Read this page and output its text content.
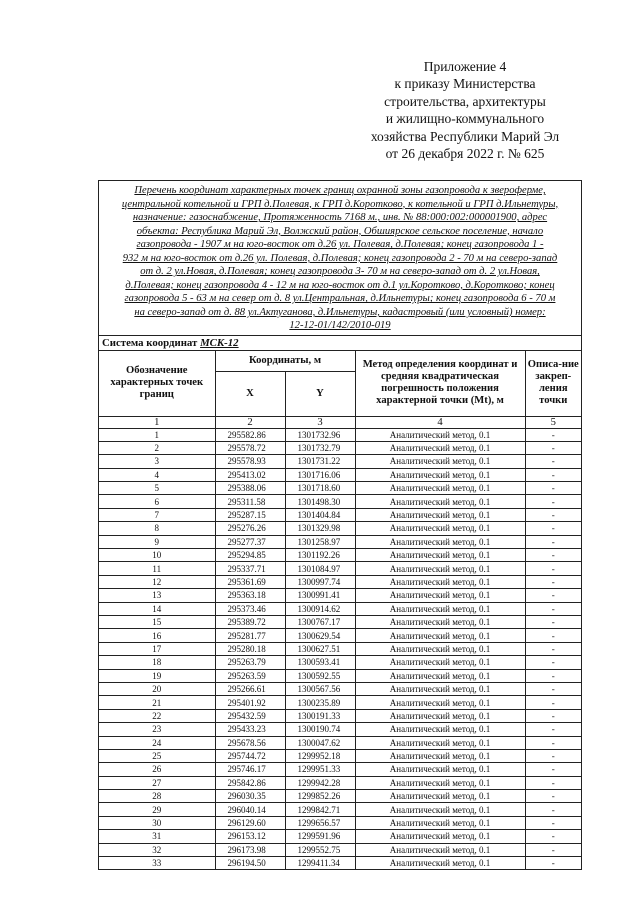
Приложение 4
к приказу Министерства
строительства, архитектуры
и жилищно-коммунального
хозяйства Республики Марий Эл
от 26 декабря 2022 г. № 625
Перечень координат характерных точек границ охранной зоны газопровода к звероферме,
центральной котельной и ГРП д.Полевая, к ГРП д.Коротково, к котельной и ГРП д.Ильнетуры,
назначение: газоснабжение, Протяженность 7168 м., инв. № 88:000:002:000001900, адрес
объекта: Республика Марий Эл, Волжский район, Обшиярское сельское поселение, начало
газопровода - 1907 м на юго-восток от д.26 ул. Полевая, д.Полевая; конец газопровода 1 -
932 м на юго-восток от д.26 ул. Полевая, д.Полевая; конец газопровода 2 - 70 м на северо-запад
от д. 2 ул.Новая, д.Полевая; конец газопровода 3- 70 м на северо-запад от д. 2 ул.Новая,
д.Полевая; конец газопровода 4 - 12 м на юго-восток от д.1 ул.Коротково, д.Коротково; конец
газопровода 5 - 63 м на север от д. 8 ул.Центральная, д.Ильнетуры; конец газопровода 6 - 70 м
на северо-запад от д. 88 ул.Актуганова, д.Ильнетуры, кадастровый (или условный) номер:
12-12-01/142/2010-019
Система координат МСК-12
Обозначение характерных точек границ	Координаты, м		Метод определения координат и средняя квадратическая погрешность положения характерной точки (Mt), м	Описа-ние закреп-ления точки
	X	Y		
1	2	3	4	5
1	295582.86	1301732.96	Аналитический метод, 0.1	-
2	295578.72	1301732.79	Аналитический метод, 0.1	-
3	295578.93	1301731.22	Аналитический метод, 0.1	-
4	295413.02	1301716.06	Аналитический метод, 0.1	-
5	295388.06	1301718.60	Аналитический метод, 0.1	-
6	295311.58	1301498.30	Аналитический метод, 0.1	-
7	295287.15	1301404.84	Аналитический метод, 0.1	-
8	295276.26	1301329.98	Аналитический метод, 0.1	-
9	295277.37	1301258.97	Аналитический метод, 0.1	-
10	295294.85	1301192.26	Аналитический метод, 0.1	-
11	295337.71	1301084.97	Аналитический метод, 0.1	-
12	295361.69	1300997.74	Аналитический метод, 0.1	-
13	295363.18	1300991.41	Аналитический метод, 0.1	-
14	295373.46	1300914.62	Аналитический метод, 0.1	-
15	295389.72	1300767.17	Аналитический метод, 0.1	-
16	295281.77	1300629.54	Аналитический метод, 0.1	-
17	295280.18	1300627.51	Аналитический метод, 0.1	-
18	295263.79	1300593.41	Аналитический метод, 0.1	-
19	295263.59	1300592.55	Аналитический метод, 0.1	-
20	295266.61	1300567.56	Аналитический метод, 0.1	-
21	295401.92	1300235.89	Аналитический метод, 0.1	-
22	295432.59	1300191.33	Аналитический метод, 0.1	-
23	295433.23	1300190.74	Аналитический метод, 0.1	-
24	295678.56	1300047.62	Аналитический метод, 0.1	-
25	295744.72	1299952.18	Аналитический метод, 0.1	-
26	295746.17	1299951.33	Аналитический метод, 0.1	-
27	295842.86	1299942.28	Аналитический метод, 0.1	-
28	296030.35	1299852.26	Аналитический метод, 0.1	-
29	296040.14	1299842.71	Аналитический метод, 0.1	-
30	296129.60	1299656.57	Аналитический метод, 0.1	-
31	296153.12	1299591.96	Аналитический метод, 0.1	-
32	296173.98	1299552.75	Аналитический метод, 0.1	-
33	296194.50	1299411.34	Аналитический метод, 0.1	-
